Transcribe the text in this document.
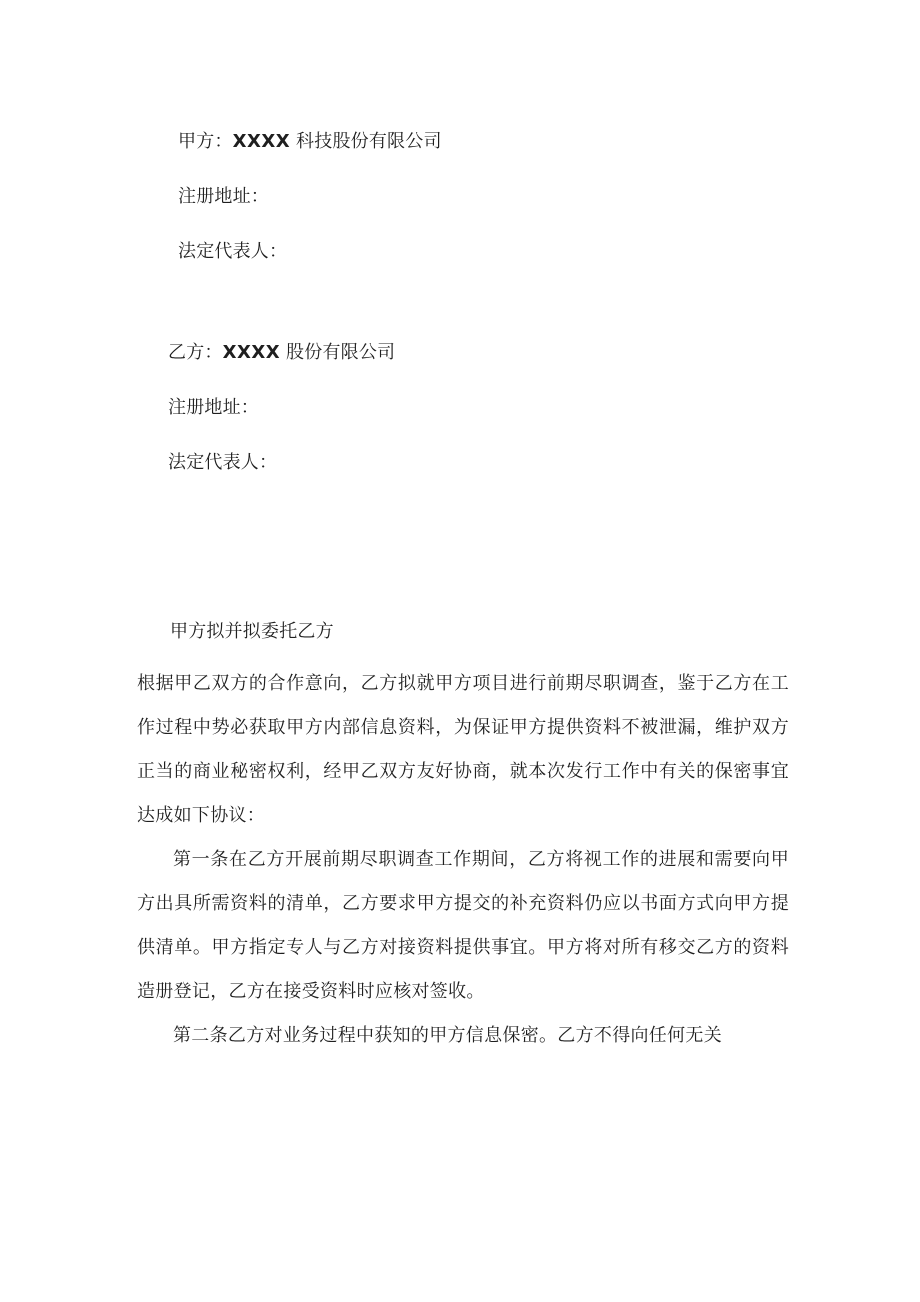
甲方：XXXX 科技股份有限公司
注册地址：
法定代表人：
乙方：XXXX 股份有限公司
注册地址：
法定代表人：
甲方拟并拟委托乙方

根据甲乙双方的合作意向，乙方拟就甲方项目进行前期尽职调查，鉴于乙方在工作过程中势必获取甲方内部信息资料，为保证甲方提供资料不被泄漏，维护双方正当的商业秘密权利，经甲乙双方友好协商，就本次发行工作中有关的保密事宜达成如下协议：

第一条在乙方开展前期尽职调查工作期间，乙方将视工作的进展和需要向甲方出具所需资料的清单，乙方要求甲方提交的补充资料仍应以书面方式向甲方提供清单。甲方指定专人与乙方对接资料提供事宜。甲方将对所有移交乙方的资料造册登记，乙方在接受资料时应核对签收。

第二条乙方对业务过程中获知的甲方信息保密。乙方不得向任何无关
